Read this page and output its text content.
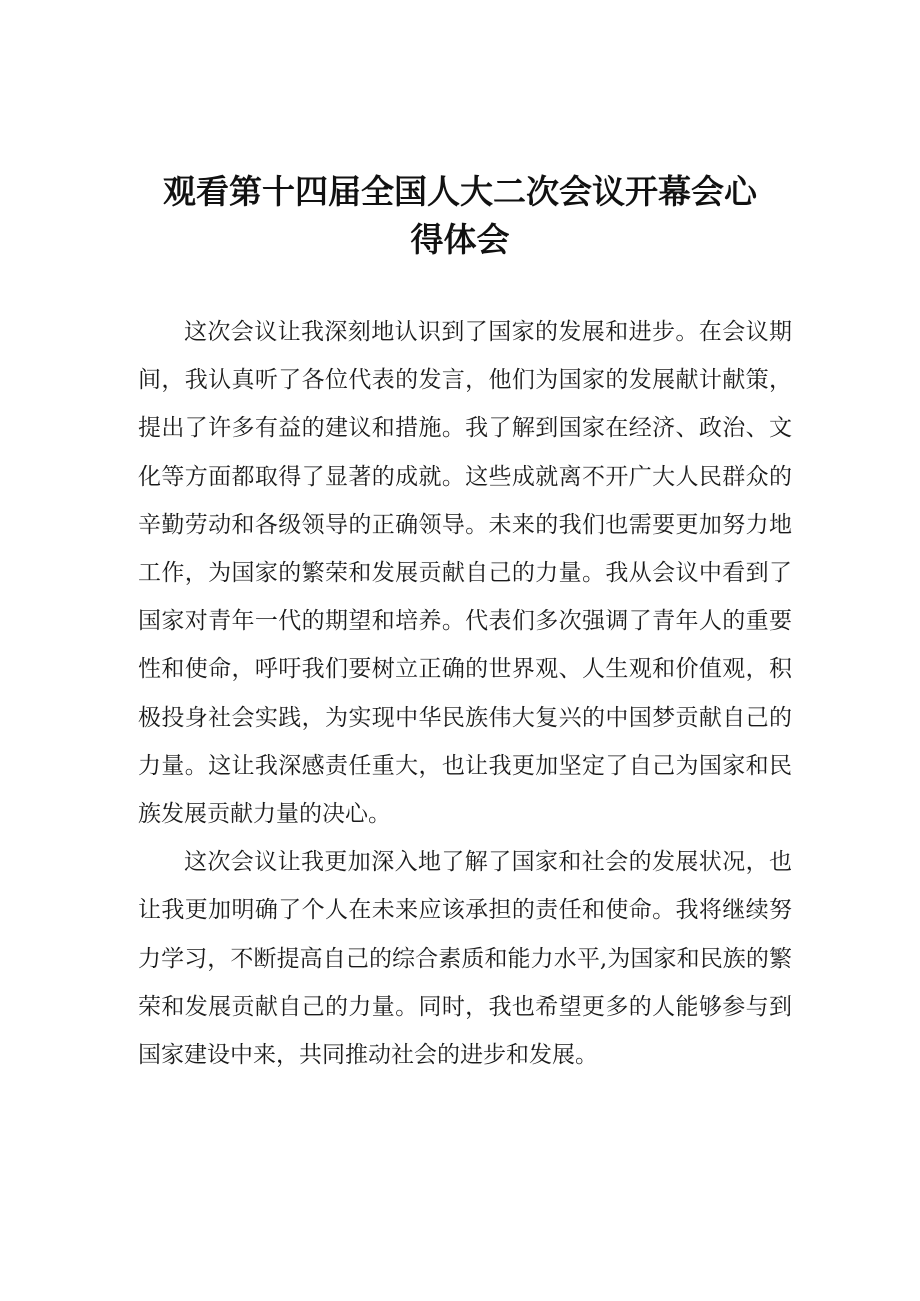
观看第十四届全国人大二次会议开幕会心
得体会

这次会议让我深刻地认识到了国家的发展和进步。在会议期间，我认真听了各位代表的发言，他们为国家的发展献计献策，提出了许多有益的建议和措施。我了解到国家在经济、政治、文化等方面都取得了显著的成就。这些成就离不开广大人民群众的辛勤劳动和各级领导的正确领导。未来的我们也需要更加努力地工作，为国家的繁荣和发展贡献自己的力量。我从会议中看到了国家对青年一代的期望和培养。代表们多次强调了青年人的重要性和使命，呼吁我们要树立正确的世界观、人生观和价值观，积极投身社会实践，为实现中华民族伟大复兴的中国梦贡献自己的力量。这让我深感责任重大，也让我更加坚定了自己为国家和民族发展贡献力量的决心。

这次会议让我更加深入地了解了国家和社会的发展状况，也让我更加明确了个人在未来应该承担的责任和使命。我将继续努力学习，不断提高自己的综合素质和能力水平,为国家和民族的繁荣和发展贡献自己的力量。同时，我也希望更多的人能够参与到国家建设中来，共同推动社会的进步和发展。
